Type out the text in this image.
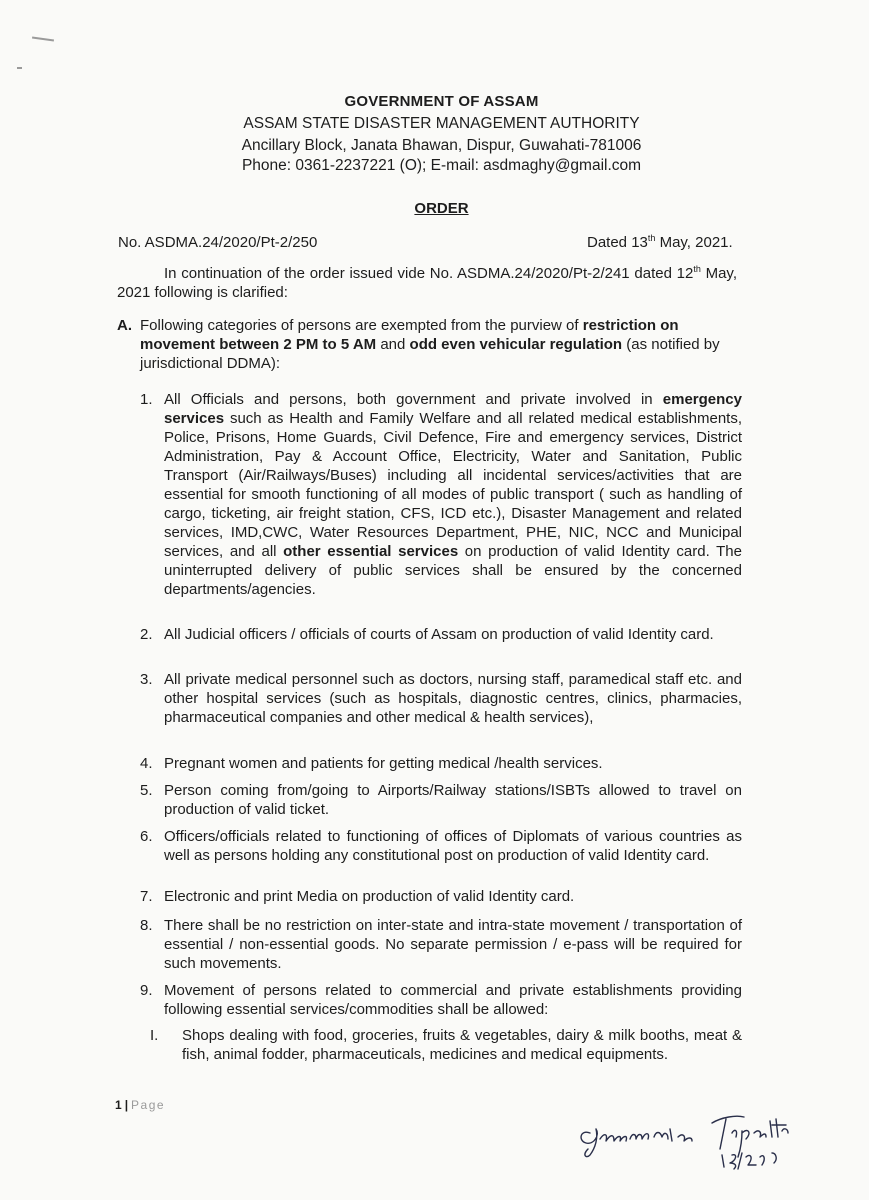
GOVERNMENT OF ASSAM
ASSAM STATE DISASTER MANAGEMENT AUTHORITY
Ancillary Block, Janata Bhawan, Dispur, Guwahati-781006
Phone: 0361-2237221 (O); E-mail: asdmaghy@gmail.com
ORDER
No. ASDMA.24/2020/Pt-2/250	Dated 13th May, 2021.

In continuation of the order issued vide No. ASDMA.24/2020/Pt-2/241 dated 12th May, 2021 following is clarified:

A. Following categories of persons are exempted from the purview of restriction on movement between 2 PM to 5 AM and odd even vehicular regulation (as notified by jurisdictional DDMA):
1. All Officials and persons, both government and private involved in emergency services such as Health and Family Welfare and all related medical establishments, Police, Prisons, Home Guards, Civil Defence, Fire and emergency services, District Administration, Pay & Account Office, Electricity, Water and Sanitation, Public Transport (Air/Railways/Buses) including all incidental services/activities that are essential for smooth functioning of all modes of public transport ( such as handling of cargo, ticketing, air freight station, CFS, ICD etc.), Disaster Management and related services, IMD,CWC, Water Resources Department, PHE, NIC, NCC and Municipal services, and all other essential services on production of valid Identity card. The uninterrupted delivery of public services shall be ensured by the concerned departments/agencies.
2. All Judicial officers / officials of courts of Assam on production of valid Identity card.
3. All private medical personnel such as doctors, nursing staff, paramedical staff etc. and other hospital services (such as hospitals, diagnostic centres, clinics, pharmacies, pharmaceutical companies and other medical & health services),
4. Pregnant women and patients for getting medical /health services.
5. Person coming from/going to Airports/Railway stations/ISBTs allowed to travel on production of valid ticket.
6. Officers/officials related to functioning of offices of Diplomats of various countries as well as persons holding any constitutional post on production of valid Identity card.
7. Electronic and print Media on production of valid Identity card.
8. There shall be no restriction on inter-state and intra-state movement / transportation of essential / non-essential goods. No separate permission / e-pass will be required for such movements.
9. Movement of persons related to commercial and private establishments providing following essential services/commodities shall be allowed:
I. Shops dealing with food, groceries, fruits & vegetables, dairy & milk booths, meat & fish, animal fodder, pharmaceuticals, medicines and medical equipments.
1 | Page
